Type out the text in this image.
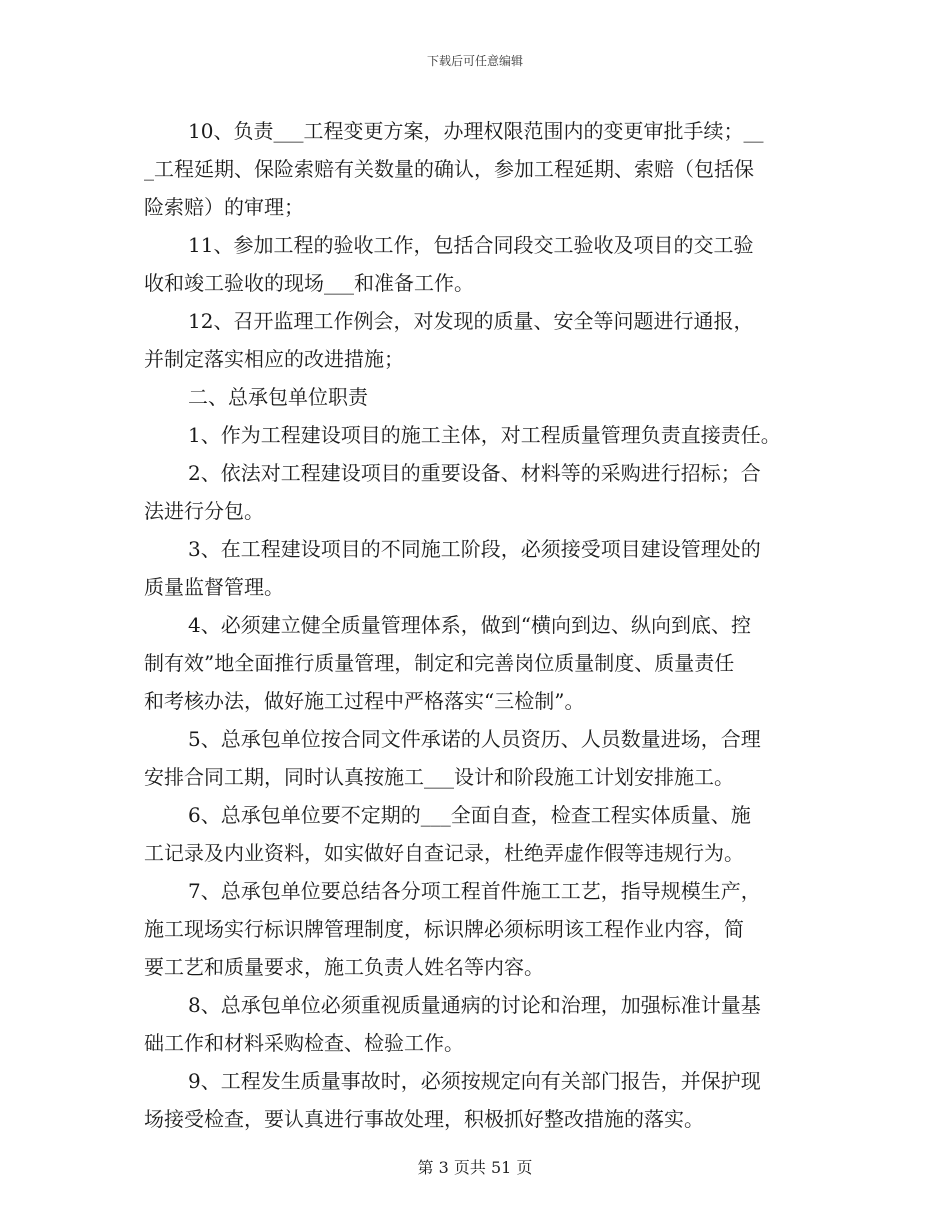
下载后可任意编辑
10、负责___工程变更方案，办理权限范围内的变更审批手续；__
_工程延期、保险索赔有关数量的确认，参加工程延期、索赔（包括保
险索赔）的审理；
11、参加工程的验收工作，包括合同段交工验收及项目的交工验
收和竣工验收的现场___和准备工作。
12、召开监理工作例会，对发现的质量、安全等问题进行通报，
并制定落实相应的改进措施；
二、总承包单位职责
1、作为工程建设项目的施工主体，对工程质量管理负责直接责任。
2、依法对工程建设项目的重要设备、材料等的采购进行招标；合
法进行分包。
3、在工程建设项目的不同施工阶段，必须接受项目建设管理处的
质量监督管理。
4、必须建立健全质量管理体系，做到“横向到边、纵向到底、控
制有效”地全面推行质量管理，制定和完善岗位质量制度、质量责任
和考核办法，做好施工过程中严格落实“三检制”。
5、总承包单位按合同文件承诺的人员资历、人员数量进场，合理
安排合同工期，同时认真按施工___设计和阶段施工计划安排施工。
6、总承包单位要不定期的___全面自查，检查工程实体质量、施
工记录及内业资料，如实做好自查记录，杜绝弄虚作假等违规行为。
7、总承包单位要总结各分项工程首件施工工艺，指导规模生产，
施工现场实行标识牌管理制度，标识牌必须标明该工程作业内容，简
要工艺和质量要求，施工负责人姓名等内容。
8、总承包单位必须重视质量通病的讨论和治理，加强标准计量基
础工作和材料采购检查、检验工作。
9、工程发生质量事故时，必须按规定向有关部门报告，并保护现
场接受检查，要认真进行事故处理，积极抓好整改措施的落实。
第 3 页共 51 页
